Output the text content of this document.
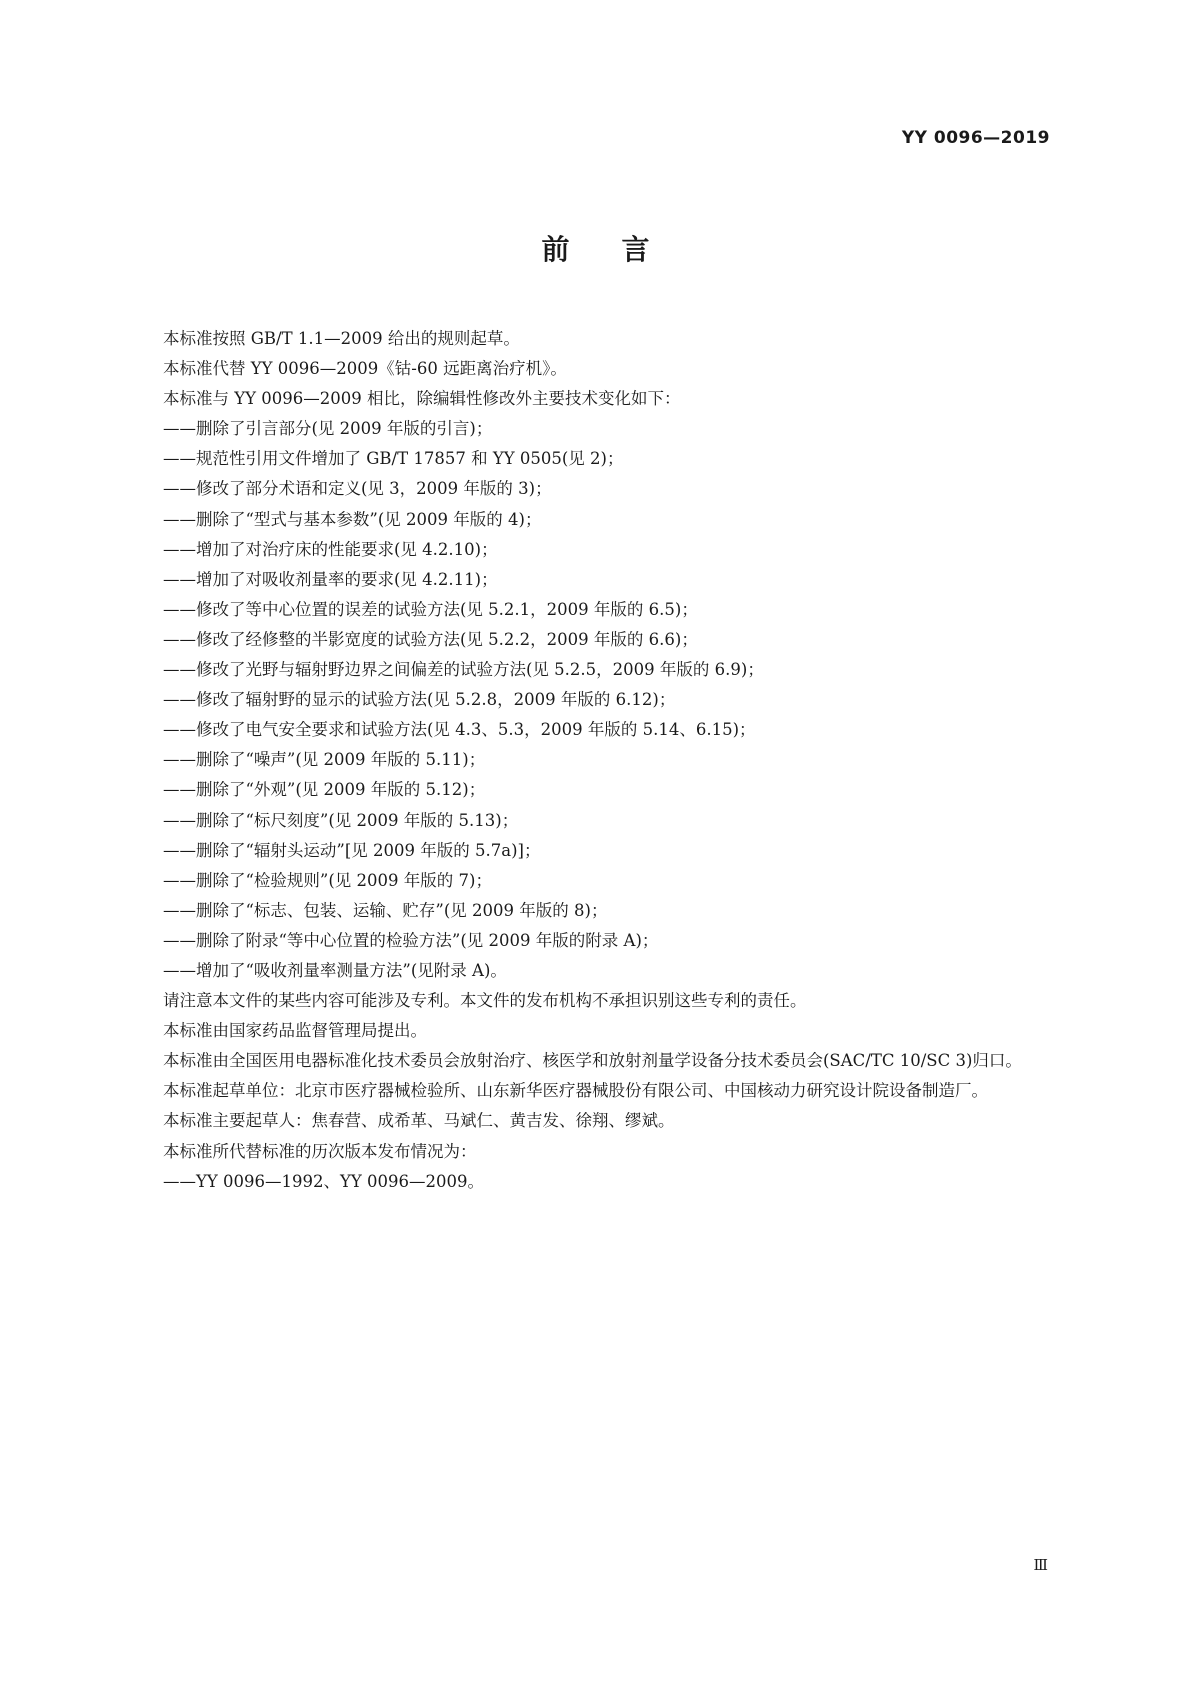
YY 0096—2019
前言

本标准按照 GB/T 1.1—2009 给出的规则起草。

本标准代替 YY 0096—2009《钴-60 远距离治疗机》。

本标准与 YY 0096—2009 相比，除编辑性修改外主要技术变化如下：

——删除了引言部分(见 2009 年版的引言)；

——规范性引用文件增加了 GB/T 17857 和 YY 0505(见 2)；

——修改了部分术语和定义(见 3，2009 年版的 3)；

——删除了“型式与基本参数”(见 2009 年版的 4)；

——增加了对治疗床的性能要求(见 4.2.10)；

——增加了对吸收剂量率的要求(见 4.2.11)；

——修改了等中心位置的误差的试验方法(见 5.2.1，2009 年版的 6.5)；

——修改了经修整的半影宽度的试验方法(见 5.2.2，2009 年版的 6.6)；

——修改了光野与辐射野边界之间偏差的试验方法(见 5.2.5，2009 年版的 6.9)；

——修改了辐射野的显示的试验方法(见 5.2.8，2009 年版的 6.12)；

——修改了电气安全要求和试验方法(见 4.3、5.3，2009 年版的 5.14、6.15)；

——删除了“噪声”(见 2009 年版的 5.11)；

——删除了“外观”(见 2009 年版的 5.12)；

——删除了“标尺刻度”(见 2009 年版的 5.13)；

——删除了“辐射头运动”[见 2009 年版的 5.7a)]；

——删除了“检验规则”(见 2009 年版的 7)；

——删除了“标志、包装、运输、贮存”(见 2009 年版的 8)；

——删除了附录“等中心位置的检验方法”(见 2009 年版的附录 A)；

——增加了“吸收剂量率测量方法”(见附录 A)。

请注意本文件的某些内容可能涉及专利。本文件的发布机构不承担识别这些专利的责任。

本标准由国家药品监督管理局提出。

本标准由全国医用电器标准化技术委员会放射治疗、核医学和放射剂量学设备分技术委员会(SAC/TC 10/SC 3)归口。

本标准起草单位：北京市医疗器械检验所、山东新华医疗器械股份有限公司、中国核动力研究设计院设备制造厂。

本标准主要起草人：焦春营、成希革、马斌仁、黄吉发、徐翔、缪斌。

本标准所代替标准的历次版本发布情况为：

——YY 0096—1992、YY 0096—2009。

Ⅲ
